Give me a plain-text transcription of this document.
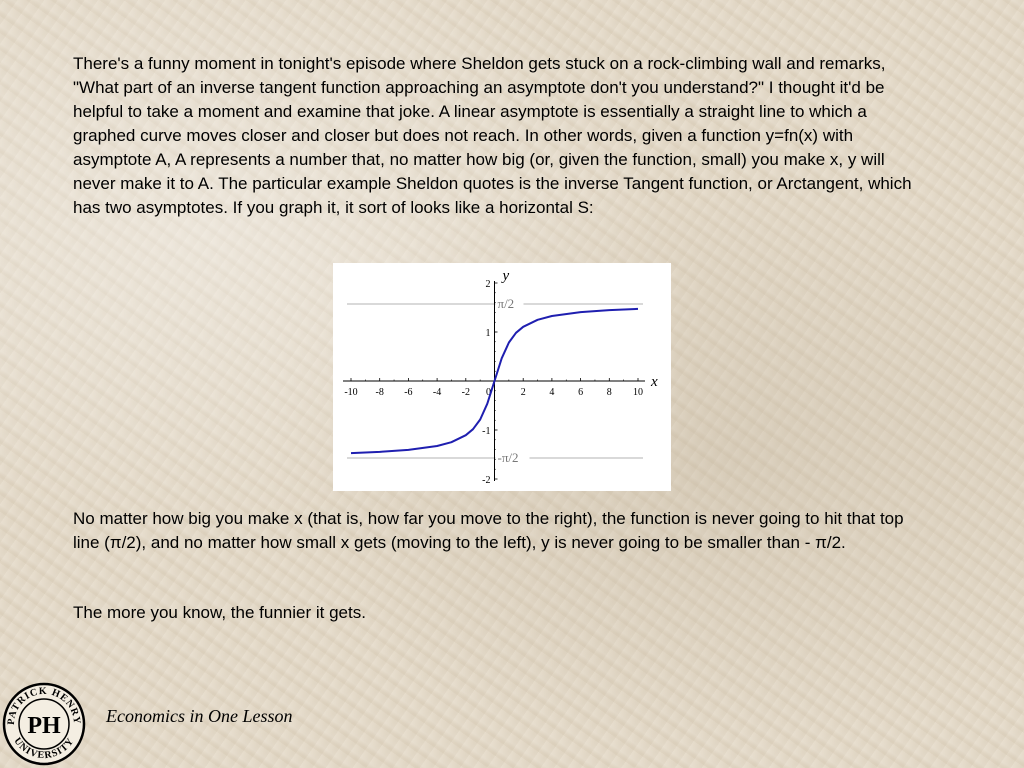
There's a funny moment in tonight's episode where Sheldon gets stuck on a rock-climbing wall and remarks, "What part of an inverse tangent function approaching an asymptote don't you understand?" I thought it'd be helpful to take a moment and examine that joke. A linear asymptote is essentially a straight line to which a graphed curve moves closer and closer but does not reach. In other words, given a function y=fn(x) with asymptote A, A represents a number that, no matter how big (or, given the function, small) you make x, y will never make it to A. The particular example Sheldon quotes is the inverse Tangent function, or Arctangent, which has two asymptotes. If you graph it, it sort of looks like a horizontal S:

π/2
-π/2
-10 -8 -6 -4 -2 0	2 4 6 8 10
-2
-1
1
2
x
y

No matter how big you make x (that is, how far you move to the right), the function is never going to hit that top line (π/2), and no matter how small x gets (moving to the left), y is never going to be smaller than - π/2.

The more you know, the funnier it gets.

PATRICK HENRY
UNIVERSITY
PH	Economics in One Lesson
